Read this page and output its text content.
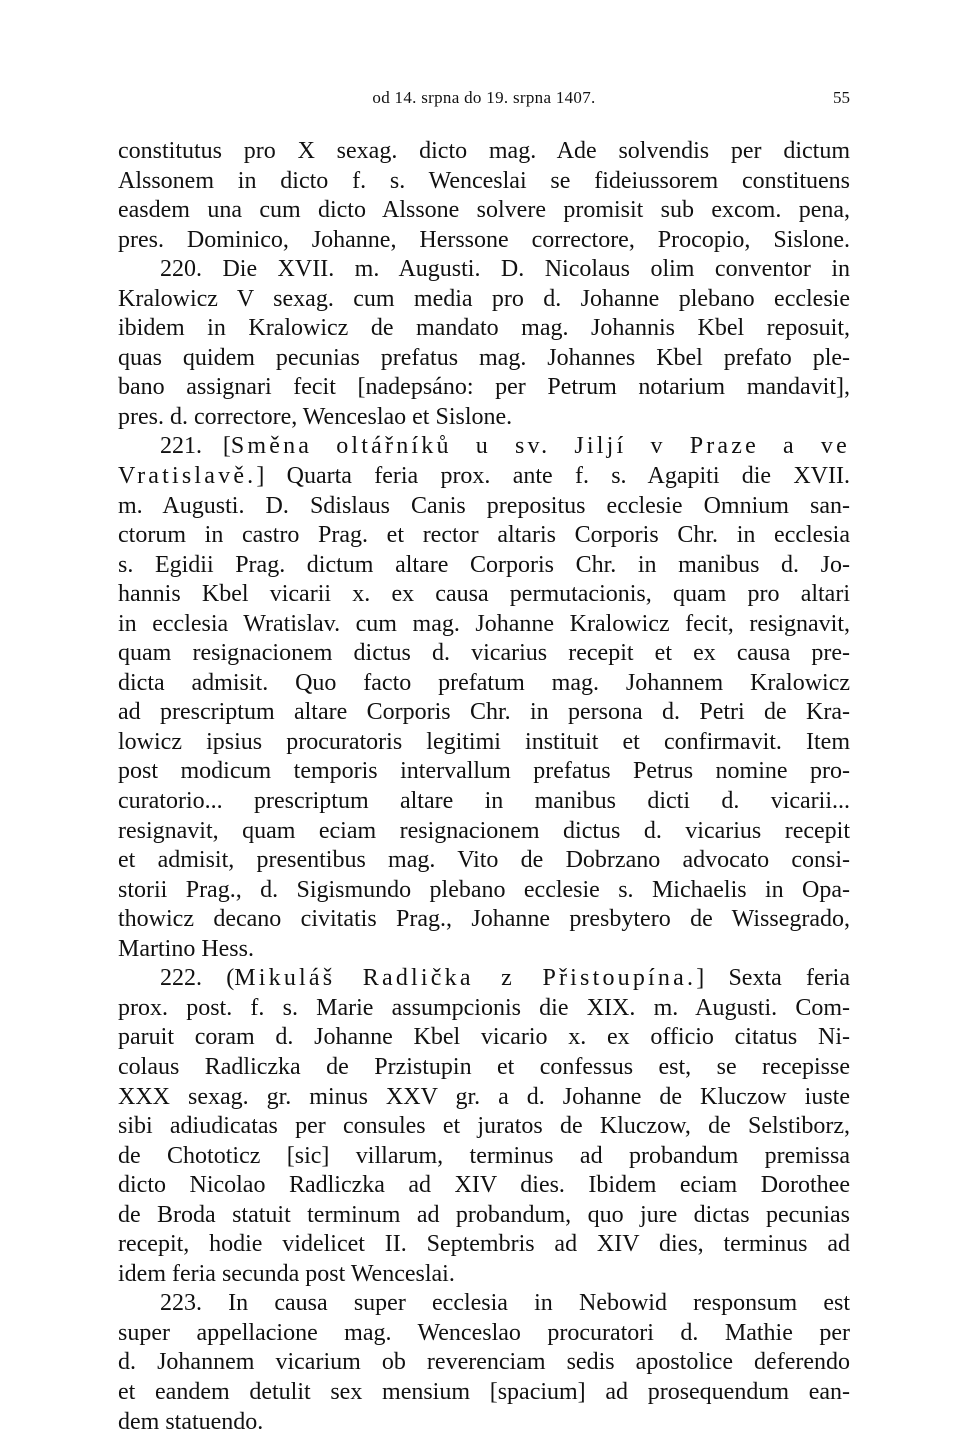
od 14. srpna do 19. srpna 1407.	55
constitutus pro X sexag. dicto mag. Ade solvendis per dictum
Alssonem in dicto f. s. Wenceslai se fideiussorem constituens
easdem una cum dicto Alssone solvere promisit sub excom. pena,
pres. Dominico, Johanne, Herssone correctore, Procopio, Sislone.
220. Die XVII. m. Augusti. D. Nicolaus olim conventor in
Kralowicz V sexag. cum media pro d. Johanne plebano ecclesie
ibidem in Kralowicz de mandato mag. Johannis Kbel reposuit,
quas quidem pecunias prefatus mag. Johannes Kbel prefato ple-
bano assignari fecit [nadepsáno: per Petrum notarium mandavit],
pres. d. correctore, Wenceslao et Sislone.
221. [Směna oltářníků u sv. Jiljí v Praze a ve
Vratislavě.] Quarta feria prox. ante f. s. Agapiti die XVII.
m. Augusti. D. Sdislaus Canis prepositus ecclesie Omnium san-
ctorum in castro Prag. et rector altaris Corporis Chr. in ecclesia
s. Egidii Prag. dictum altare Corporis Chr. in manibus d. Jo-
hannis Kbel vicarii x. ex causa permutacionis, quam pro altari
in ecclesia Wratislav. cum mag. Johanne Kralowicz fecit, resignavit,
quam resignacionem dictus d. vicarius recepit et ex causa pre-
dicta admisit. Quo facto prefatum mag. Johannem Kralowicz
ad prescriptum altare Corporis Chr. in persona d. Petri de Kra-
lowicz ipsius procuratoris legitimi instituit et confirmavit. Item
post modicum temporis intervallum prefatus Petrus nomine pro-
curatorio... prescriptum altare in manibus dicti d. vicarii...
resignavit, quam eciam resignacionem dictus d. vicarius recepit
et admisit, presentibus mag. Vito de Dobrzano advocato consi-
storii Prag., d. Sigismundo plebano ecclesie s. Michaelis in Opa-
thowicz decano civitatis Prag., Johanne presbytero de Wissegrado,
Martino Hess.
222. (Mikuláš Radlička z Přistoupína.] Sexta feria
prox. post. f. s. Marie assumpcionis die XIX. m. Augusti. Com-
paruit coram d. Johanne Kbel vicario x. ex officio citatus Ni-
colaus Radliczka de Przistupin et confessus est, se recepisse
XXX sexag. gr. minus XXV gr. a d. Johanne de Kluczow iuste
sibi adiudicatas per consules et juratos de Kluczow, de Selstiborz,
de Chototicz [sic] villarum, terminus ad probandum premissa
dicto Nicolao Radliczka ad XIV dies. Ibidem eciam Dorothee
de Broda statuit terminum ad probandum, quo jure dictas pecunias
recepit, hodie videlicet II. Septembris ad XIV dies, terminus ad
idem feria secunda post Wenceslai.
223. In causa super ecclesia in Nebowid responsum est
super appellacione mag. Wenceslao procuratori d. Mathie per
d. Johannem vicarium ob reverenciam sedis apostolice deferendo
et eandem detulit sex mensium [spacium] ad prosequendum ean-
dem statuendo.
